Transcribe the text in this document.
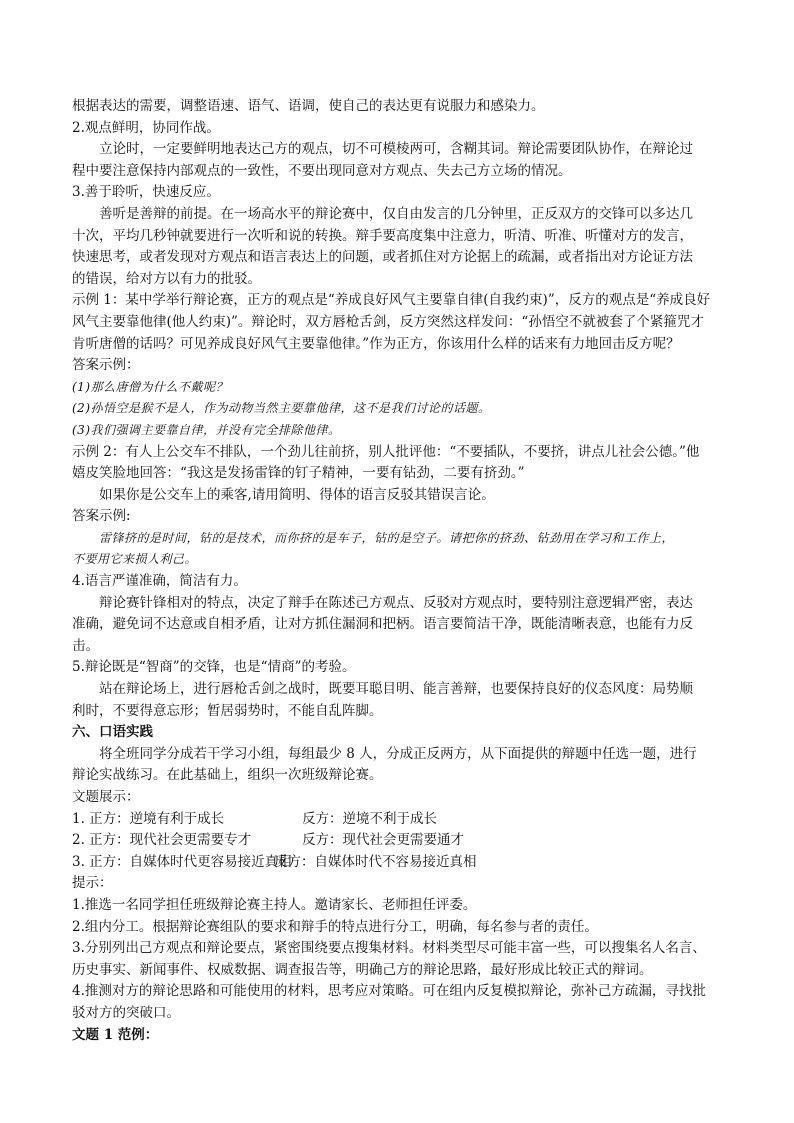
根据表达的需要，调整语速、语气、语调，使自己的表达更有说服力和感染力。
2.观点鲜明，协同作战。
立论时，一定要鲜明地表达己方的观点，切不可模棱两可，含糊其词。辩论需要团队协作，在辩论过
程中要注意保持内部观点的一致性，不要出现同意对方观点、失去己方立场的情况。
3.善于聆听，快速反应。
善听是善辩的前提。在一场高水平的辩论赛中，仅自由发言的几分钟里，正反双方的交锋可以多达几
十次，平均几秒钟就要进行一次听和说的转换。辩手要高度集中注意力，听清、听准、听懂对方的发言，
快速思考，或者发现对方观点和语言表达上的问题，或者抓住对方论据上的疏漏，或者指出对方论证方法
的错误，给对方以有力的批驳。
示例 1：某中学举行辩论赛，正方的观点是“养成良好风气主要靠自律(自我约束)”，反方的观点是“养成良好
风气主要靠他律(他人约束)”。辩论时，双方唇枪舌剑，反方突然这样发问：“孙悟空不就被套了个紧箍咒才
肯听唐僧的话吗？可见养成良好风气主要靠他律。”作为正方，你该用什么样的话来有力地回击反方呢？
答案示例：
(1)那么唐僧为什么不戴呢？
(2)孙悟空是猴不是人，作为动物当然主要靠他律，这不是我们讨论的话题。
(3)我们强调主要靠自律，并没有完全排除他律。
示例 2：有人上公交车不排队，一个劲儿往前挤，别人批评他：“不要插队，不要挤，讲点儿社会公德。”他
嬉皮笑脸地回答：“我这是发扬雷锋的钉子精神，一要有钻劲，二要有挤劲。”
如果你是公交车上的乘客,请用简明、得体的语言反驳其错误言论。
答案示例:
雷锋挤的是时间，钻的是技术，而你挤的是车子，钻的是空子。请把你的挤劲、钻劲用在学习和工作上，
不要用它来损人利己。
4.语言严谨准确，简洁有力。
辩论赛针锋相对的特点，决定了辩手在陈述己方观点、反驳对方观点时，要特别注意逻辑严密，表达
准确，避免词不达意或自相矛盾，让对方抓住漏洞和把柄。语言要简洁干净，既能清晰表意，也能有力反
击。
5.辩论既是“智商”的交锋，也是“情商”的考验。
站在辩论场上，进行唇枪舌剑之战时，既要耳聪目明、能言善辩，也要保持良好的仪态风度：局势顺
利时，不要得意忘形；暂居弱势时，不能自乱阵脚。
六、口语实践
将全班同学分成若干学习小组，每组最少 8 人，分成正反两方，从下面提供的辩题中任选一题，进行
辩论实战练习。在此基础上，组织一次班级辩论赛。
文题展示：
1. 正方：逆境有利于成长	反方：逆境不利于成长
2. 正方：现代社会更需要专才	反方：现代社会更需要通才
3. 正方：自媒体时代更容易接近真相反方：自媒体时代不容易接近真相
提示：
1.推选一名同学担任班级辩论赛主持人。邀请家长、老师担任评委。
2.组内分工。根据辩论赛组队的要求和辩手的特点进行分工，明确，每名参与者的责任。
3.分别列出己方观点和辩论要点，紧密围绕要点搜集材料。材料类型尽可能丰富一些，可以搜集名人名言、
历史事实、新闻事件、权威数据、调查报告等，明确己方的辩论思路，最好形成比较正式的辩词。
4.推测对方的辩论思路和可能使用的材料，思考应对策略。可在组内反复模拟辩论，弥补己方疏漏，寻找批
驳对方的突破口。
文题 1 范例：
